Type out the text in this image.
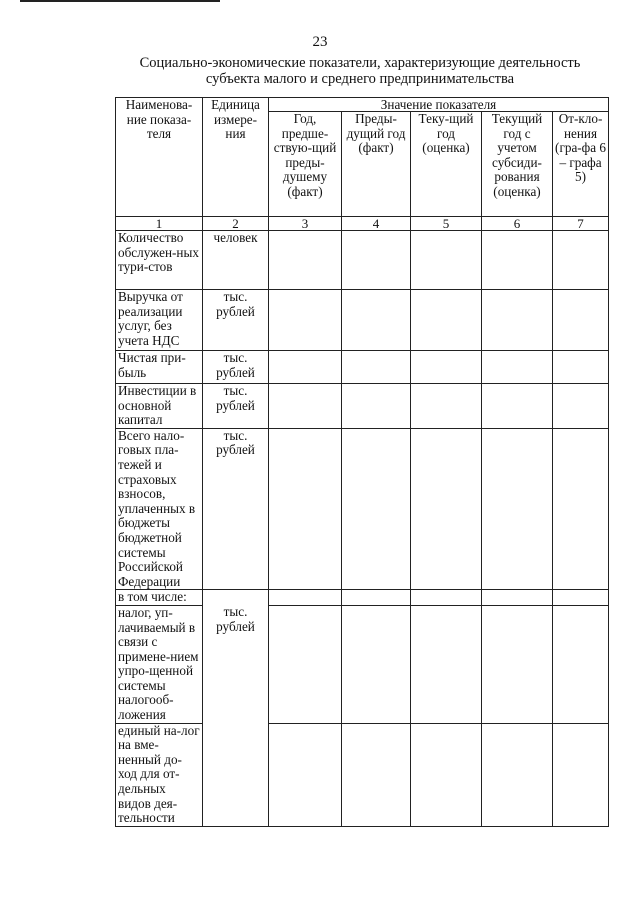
23
Социально-экономические показатели, характеризующие деятельность
субъекта малого и среднего предпринимательства
Наименова-ние показа-теля	Единица измере-ния	Значение показателя				
		Год, предше-ствую-щий преды-душему (факт)	Преды-дущий год (факт)	Теку-щий год (оценка)	Текущий год с учетом субсиди-рования (оценка)	От-кло-нения (гра-фа 6 – графа 5)
1	2	3	4	5	6	7
Количество обслужен-ных тури-стов	человек					
Выручка от реализации услуг, без учета НДС	тыс. рублей					
Чистая при-быль	тыс. рублей					
Инвестиции в основной капитал	тыс. рублей					
Всего нало-говых пла-тежей и страховых взносов, уплаченных в бюджеты бюджетной системы Российской Федерации	тыс. рублей					
в том числе:						
налог, уп-лачиваемый в связи с примене-нием упро-щенной системы налогооб-ложения	тыс. рублей					
единый на-лог на вме-ненный до-ход для от-дельных видов дея-тельности						
